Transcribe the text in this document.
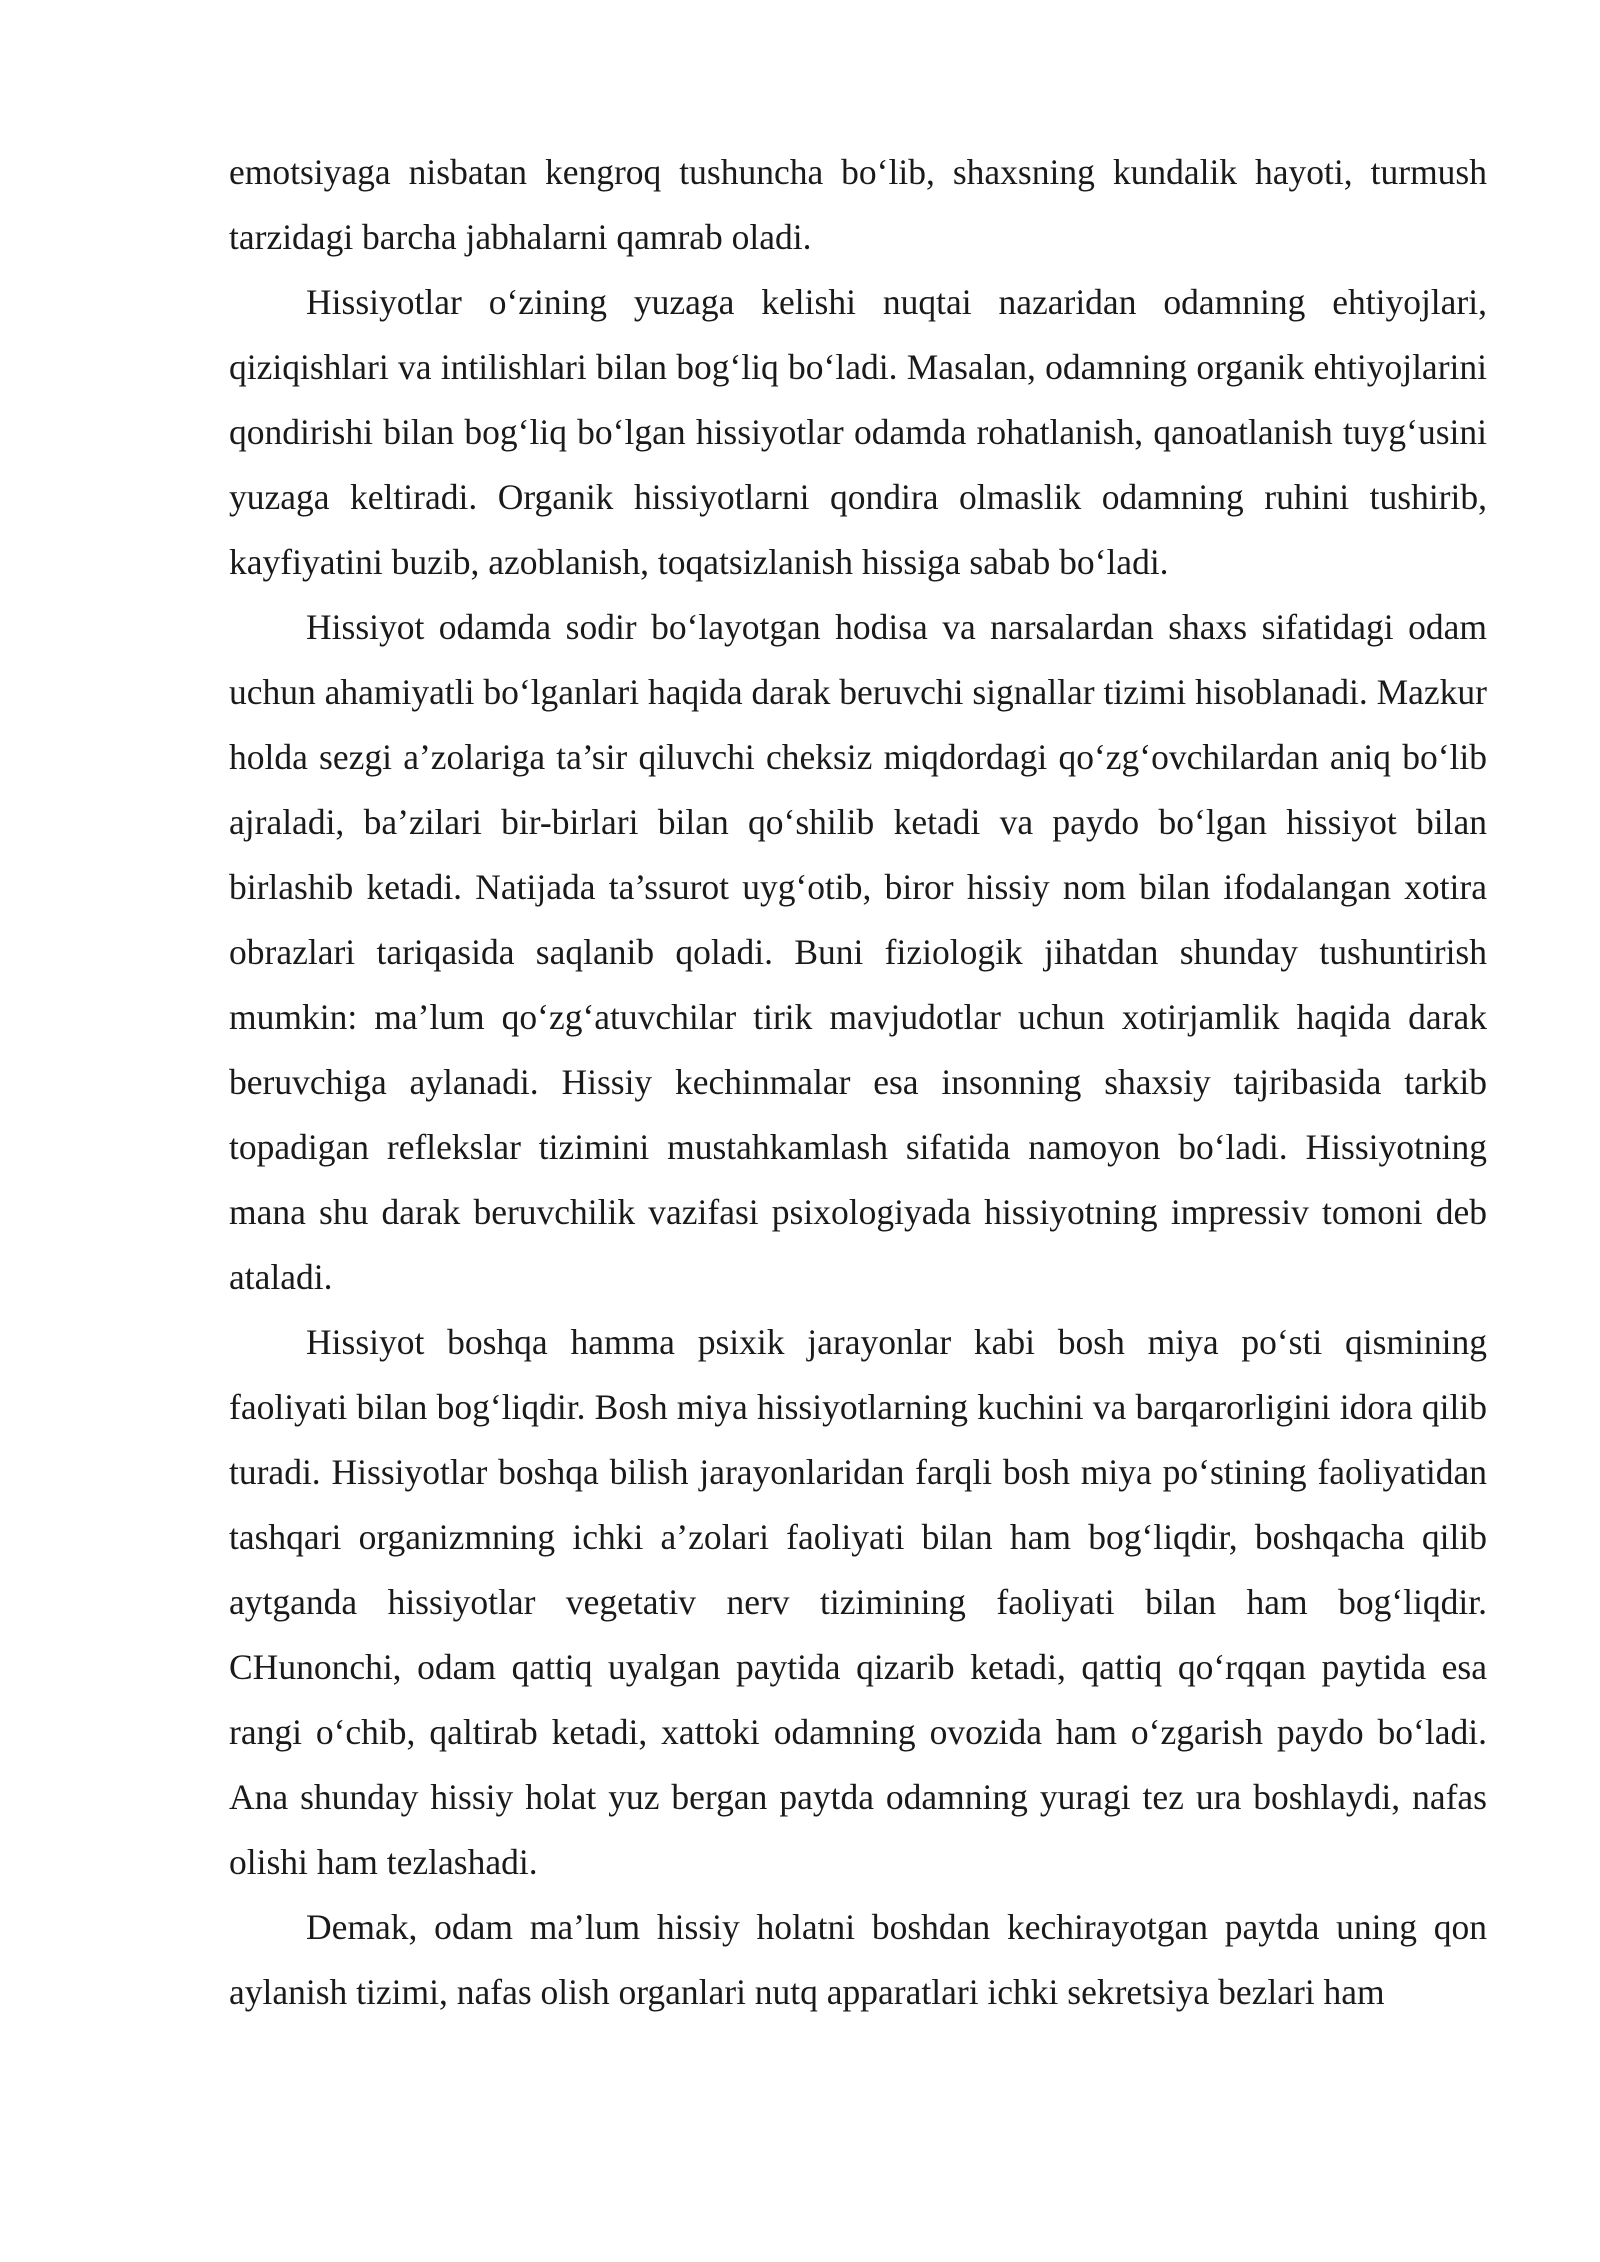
emotsiyaga nisbatan kengroq tushuncha bo‘lib, shaxsning kundalik hayoti, turmush tarzidagi barcha jabhalarni qamrab oladi.

Hissiyotlar o‘zining yuzaga kelishi nuqtai nazaridan odamning ehtiyojlari, qiziqishlari va intilishlari bilan bog‘liq bo‘ladi. Masalan, odamning organik ehtiyojlarini qondirishi bilan bog‘liq bo‘lgan hissiyotlar odamda rohatlanish, qanoatlanish tuyg‘usini yuzaga keltiradi. Organik hissiyotlarni qondira olmaslik odamning ruhini tushirib, kayfiyatini buzib, azoblanish, toqatsizlanish hissiga sabab bo‘ladi.

Hissiyot odamda sodir bo‘layotgan hodisa va narsalardan shaxs sifatidagi odam uchun ahamiyatli bo‘lganlari haqida darak beruvchi signallar tizimi hisoblanadi. Mazkur holda sezgi a’zolariga ta’sir qiluvchi cheksiz miqdordagi qo‘zg‘ovchilardan aniq bo‘lib ajraladi, ba’zilari bir-birlari bilan qo‘shilib ketadi va paydo bo‘lgan hissiyot bilan birlashib ketadi. Natijada ta’ssurot uyg‘otib, biror hissiy nom bilan ifodalangan xotira obrazlari tariqasida saqlanib qoladi. Buni fiziologik jihatdan shunday tushuntirish mumkin: ma’lum qo‘zg‘atuvchilar tirik mavjudotlar uchun xotirjamlik haqida darak beruvchiga aylanadi. Hissiy kechinmalar esa insonning shaxsiy tajribasida tarkib topadigan reflekslar tizimini mustahkamlash sifatida namoyon bo‘ladi. Hissiyotning mana shu darak beruvchilik vazifasi psixologiyada hissiyotning impressiv tomoni deb ataladi.

Hissiyot boshqa hamma psixik jarayonlar kabi bosh miya po‘sti qismining faoliyati bilan bog‘liqdir. Bosh miya hissiyotlarning kuchini va barqarorligini idora qilib turadi. Hissiyotlar boshqa bilish jarayonlaridan farqli bosh miya po‘stining faoliyatidan tashqari organizmning ichki a’zolari faoliyati bilan ham bog‘liqdir, boshqacha qilib aytganda hissiyotlar vegetativ nerv tizimining faoliyati bilan ham bog‘liqdir. CHunonchi, odam qattiq uyalgan paytida qizarib ketadi, qattiq qo‘rqqan paytida esa rangi o‘chib, qaltirab ketadi, xattoki odamning ovozida ham o‘zgarish paydo bo‘ladi. Ana shunday hissiy holat yuz bergan paytda odamning yuragi tez ura boshlaydi, nafas olishi ham tezlashadi.

Demak, odam ma’lum hissiy holatni boshdan kechirayotgan paytda uning qon aylanish tizimi, nafas olish organlari nutq apparatlari ichki sekretsiya bezlari ham
